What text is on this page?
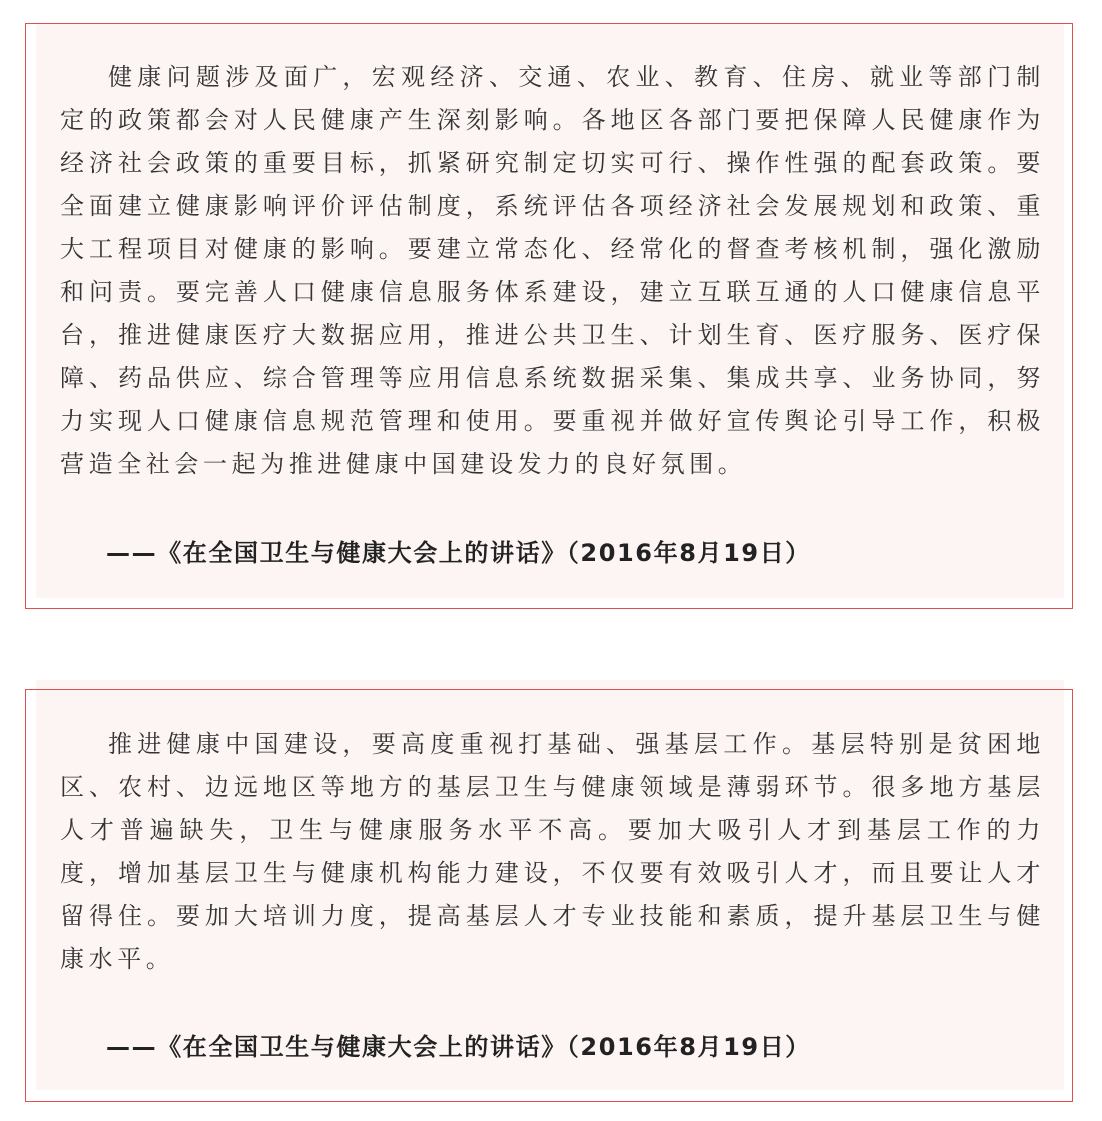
健康问题涉及面广，宏观经济、交通、农业、教育、住房、就业等部门制
定的政策都会对人民健康产生深刻影响。各地区各部门要把保障人民健康作为
经济社会政策的重要目标，抓紧研究制定切实可行、操作性强的配套政策。要
全面建立健康影响评价评估制度，系统评估各项经济社会发展规划和政策、重
大工程项目对健康的影响。要建立常态化、经常化的督查考核机制，强化激励
和问责。要完善人口健康信息服务体系建设，建立互联互通的人口健康信息平
台，推进健康医疗大数据应用，推进公共卫生、计划生育、医疗服务、医疗保
障、药品供应、综合管理等应用信息系统数据采集、集成共享、业务协同，努
力实现人口健康信息规范管理和使用。要重视并做好宣传舆论引导工作，积极
营造全社会一起为推进健康中国建设发力的良好氛围。
——《在全国卫生与健康大会上的讲话》（2016年8月19日）
推进健康中国建设，要高度重视打基础、强基层工作。基层特别是贫困地
区、农村、边远地区等地方的基层卫生与健康领域是薄弱环节。很多地方基层
人才普遍缺失，卫生与健康服务水平不高。要加大吸引人才到基层工作的力
度，增加基层卫生与健康机构能力建设，不仅要有效吸引人才，而且要让人才
留得住。要加大培训力度，提高基层人才专业技能和素质，提升基层卫生与健
康水平。
——《在全国卫生与健康大会上的讲话》（2016年8月19日）
